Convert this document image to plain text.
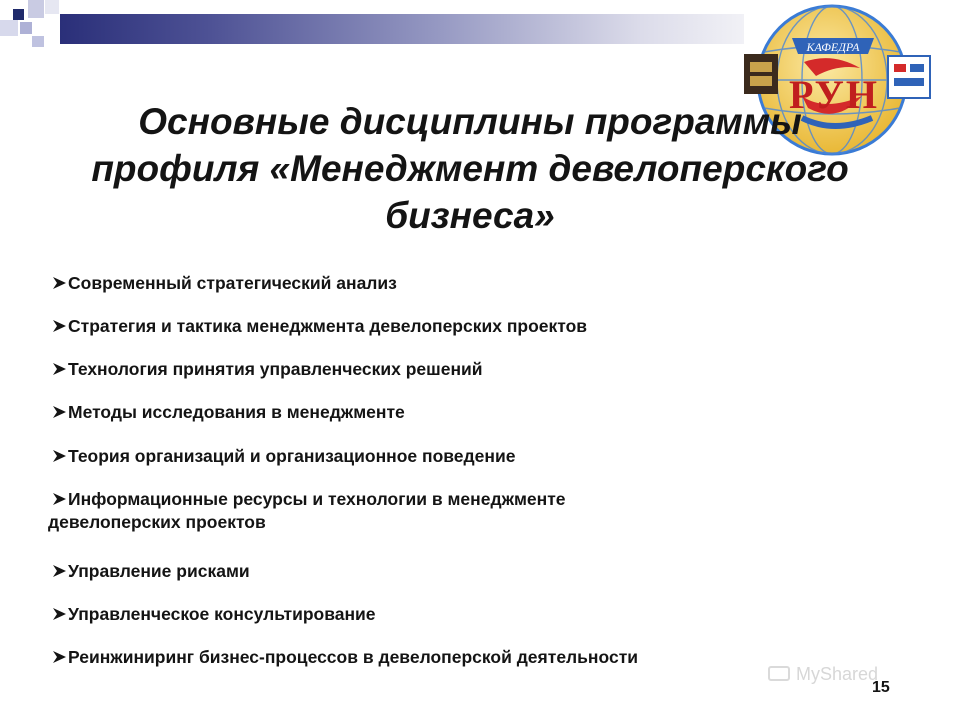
КАФЕДРА
РУН
Основные дисциплины программы
профиля «Менеджмент девелоперского
бизнеса»
Современный стратегический анализ
Стратегия и тактика менеджмента девелоперских проектов
Технология принятия управленческих решений
Методы исследования в менеджменте
Теория организаций и организационное поведение
Информационные ресурсы и технологии в менеджменте
девелоперских проектов
Управление рисками
Управленческое консультирование
Реинжиниринг бизнес-процессов в девелоперской деятельности
MyShared
15
